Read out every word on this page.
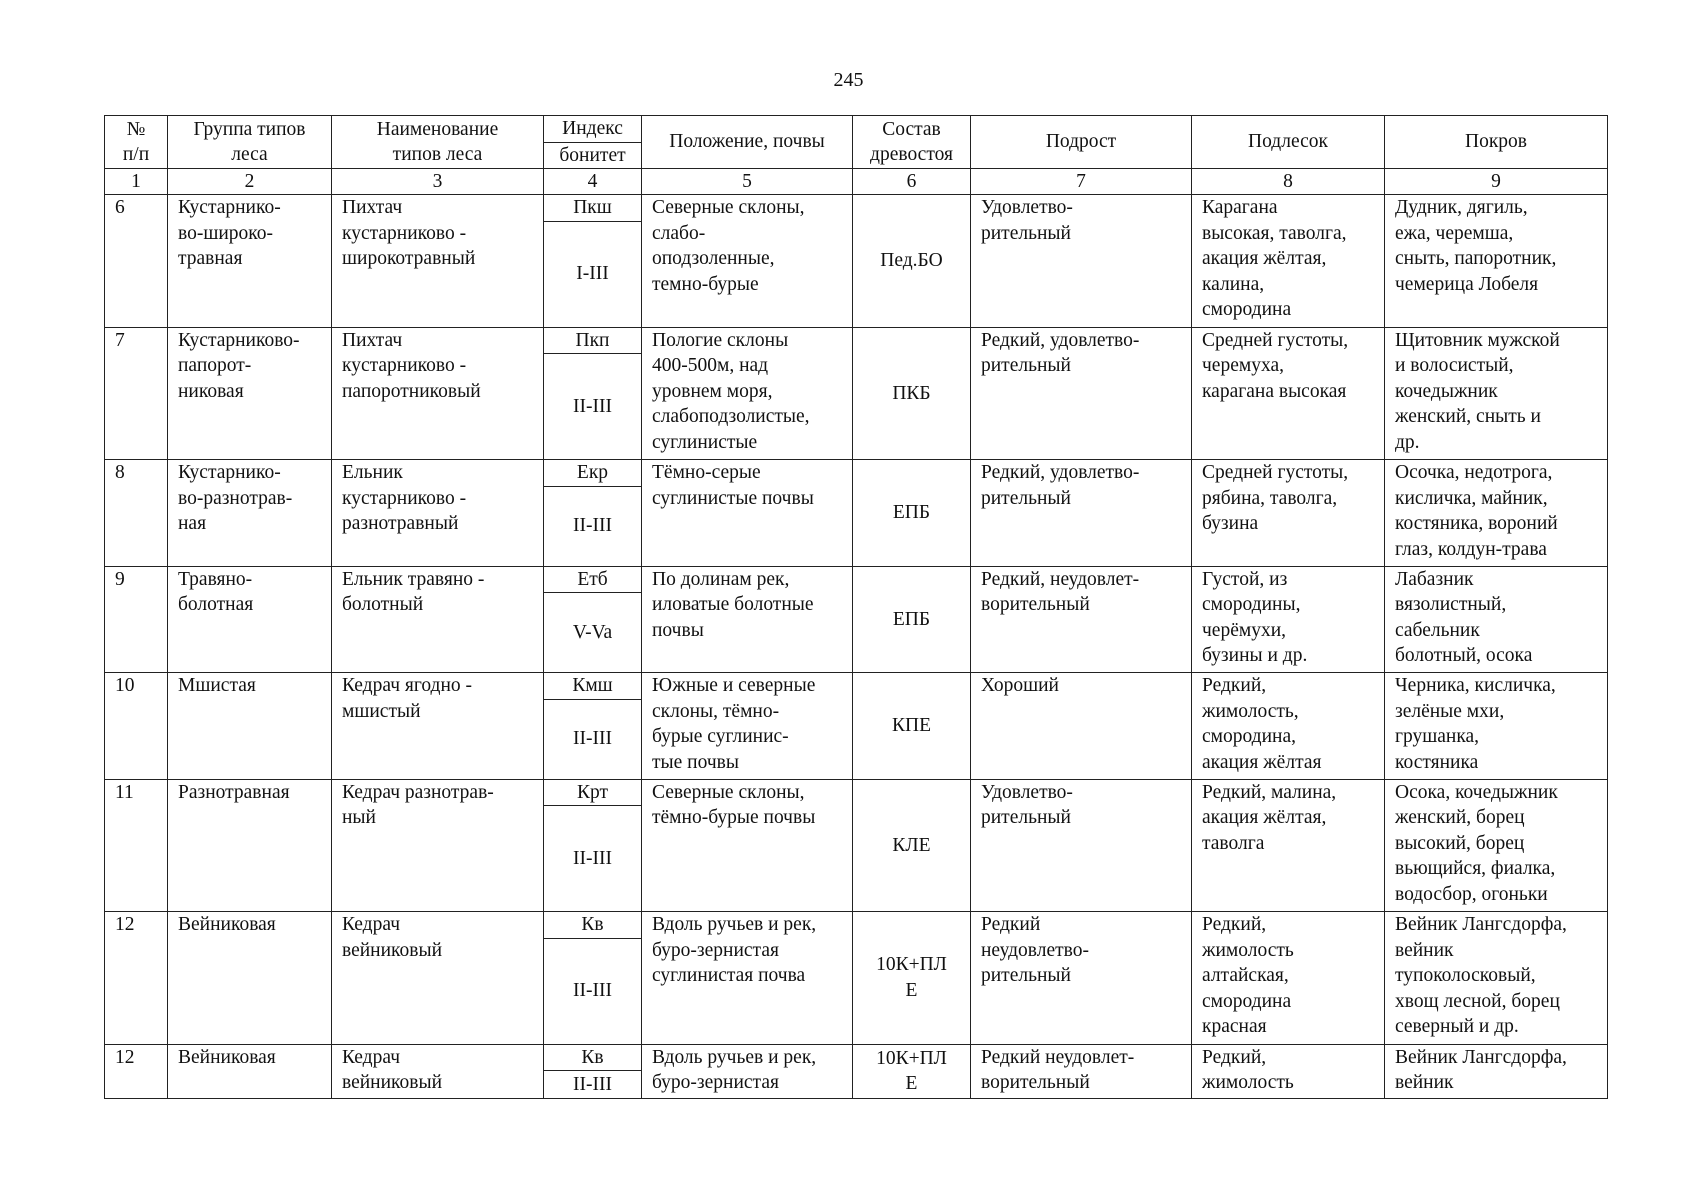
245
№
п/п	Группа типов
леса	Наименование
типов леса	Индекс	Положение, почвы	Состав
древостоя	Подрост	Подлесок	Покров
			бонитет					
1	2	3	4	5	6	7	8	9
6	Кустарнико-
во-широко-
травная	Пихтач
кустарниково -
широкотравный	Пкш	Северные склоны,
слабо-
оподзоленные,
темно-бурые	Пед.БО	Удовлетво-
рительный	Карагана
высокая, таволга,
акация жёлтая,
калина,
смородина	Дудник, дягиль,
ежа, черемша,
сныть, папоротник,
чемерица Лобеля
			I-III					
7	Кустарниково-
папорот-
никовая	Пихтач
кустарниково -
папоротниковый	Пкп	Пологие склоны
400-500м, над
уровнем моря,
слабоподзолистые,
суглинистые	ПКБ	Редкий, удовлетво-
рительный	Средней густоты,
черемуха,
карагана высокая	Щитовник мужской
и волосистый,
кочедыжник
женский, сныть и
др.
			II-III					
8	Кустарнико-
во-разнотрав-
ная	Ельник
кустарниково -
разнотравный	Екр	Тёмно-серые
суглинистые почвы	ЕПБ	Редкий, удовлетво-
рительный	Средней густоты,
рябина, таволга,
бузина	Осочка, недотрога,
кисличка, майник,
костяника, вороний
глаз, колдун-трава
			II-III					
9	Травяно-
болотная	Ельник травяно -
болотный	Етб	По долинам рек,
иловатые болотные
почвы	ЕПБ	Редкий, неудовлет-
ворительный	Густой, из
смородины,
черёмухи,
бузины и др.	Лабазник
вязолистный,
сабельник
болотный, осока
			V-Va					
10	Мшистая	Кедрач ягодно -
мшистый	Кмш	Южные и северные
склоны, тёмно-
бурые суглинис-
тые почвы	КПЕ	Хороший	Редкий,
жимолость,
смородина,
акация жёлтая	Черника, кисличка,
зелёные мхи,
грушанка,
костяника
			II-III					
11	Разнотравная	Кедрач разнотрав-
ный	Крт	Северные склоны,
тёмно-бурые почвы	КЛЕ	Удовлетво-
рительный	Редкий, малина,
акация жёлтая,
таволга	Осока, кочедыжник
женский, борец
высокий, борец
вьющийся, фиалка,
водосбор, огоньки
			II-III					
12	Вейниковая	Кедрач
вейниковый	Кв	Вдоль ручьев и рек,
буро-зернистая
суглинистая почва	10К+ПЛ
Е	Редкий
неудовлетво-
рительный	Редкий,
жимолость
алтайская,
смородина
красная	Вейник Лангсдорфа,
вейник
тупоколосковый,
хвощ лесной, борец
северный и др.
			II-III					
12	Вейниковая	Кедрач
вейниковый	Кв	Вдоль ручьев и рек,
буро-зернистая	10К+ПЛ
Е	Редкий неудовлет-
ворительный	Редкий,
жимолость	Вейник Лангсдорфа,
вейник
			II-III					
